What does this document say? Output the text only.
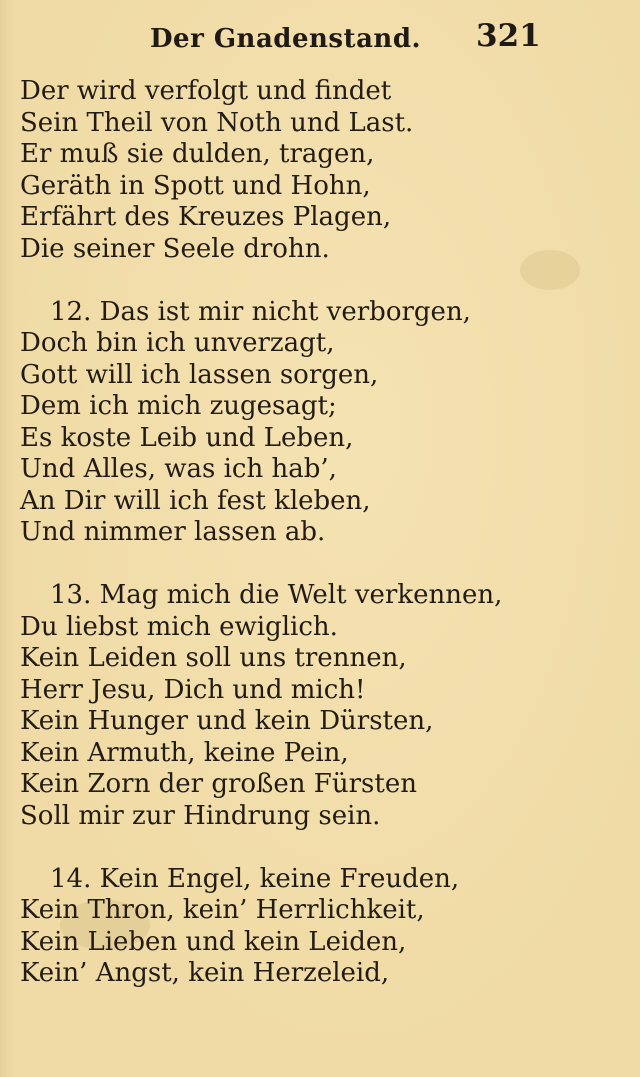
Der Gnadenstand. 321
Der wird verfolgt und findet
Sein Theil von Noth und Last.
Er muß sie dulden, tragen,
Geräth in Spott und Hohn,
Erfährt des Kreuzes Plagen,
Die seiner Seele drohn.
12. Das ist mir nicht verborgen,
Doch bin ich unverzagt,
Gott will ich lassen sorgen,
Dem ich mich zugesagt;
Es koste Leib und Leben,
Und Alles, was ich hab’,
An Dir will ich fest kleben,
Und nimmer lassen ab.
13. Mag mich die Welt verkennen,
Du liebst mich ewiglich.
Kein Leiden soll uns trennen,
Herr Jesu, Dich und mich!
Kein Hunger und kein Dürsten,
Kein Armuth, keine Pein,
Kein Zorn der großen Fürsten
Soll mir zur Hindrung sein.
14. Kein Engel, keine Freuden,
Kein Thron, kein’ Herrlichkeit,
Kein Lieben und kein Leiden,
Kein’ Angst, kein Herzeleid,
